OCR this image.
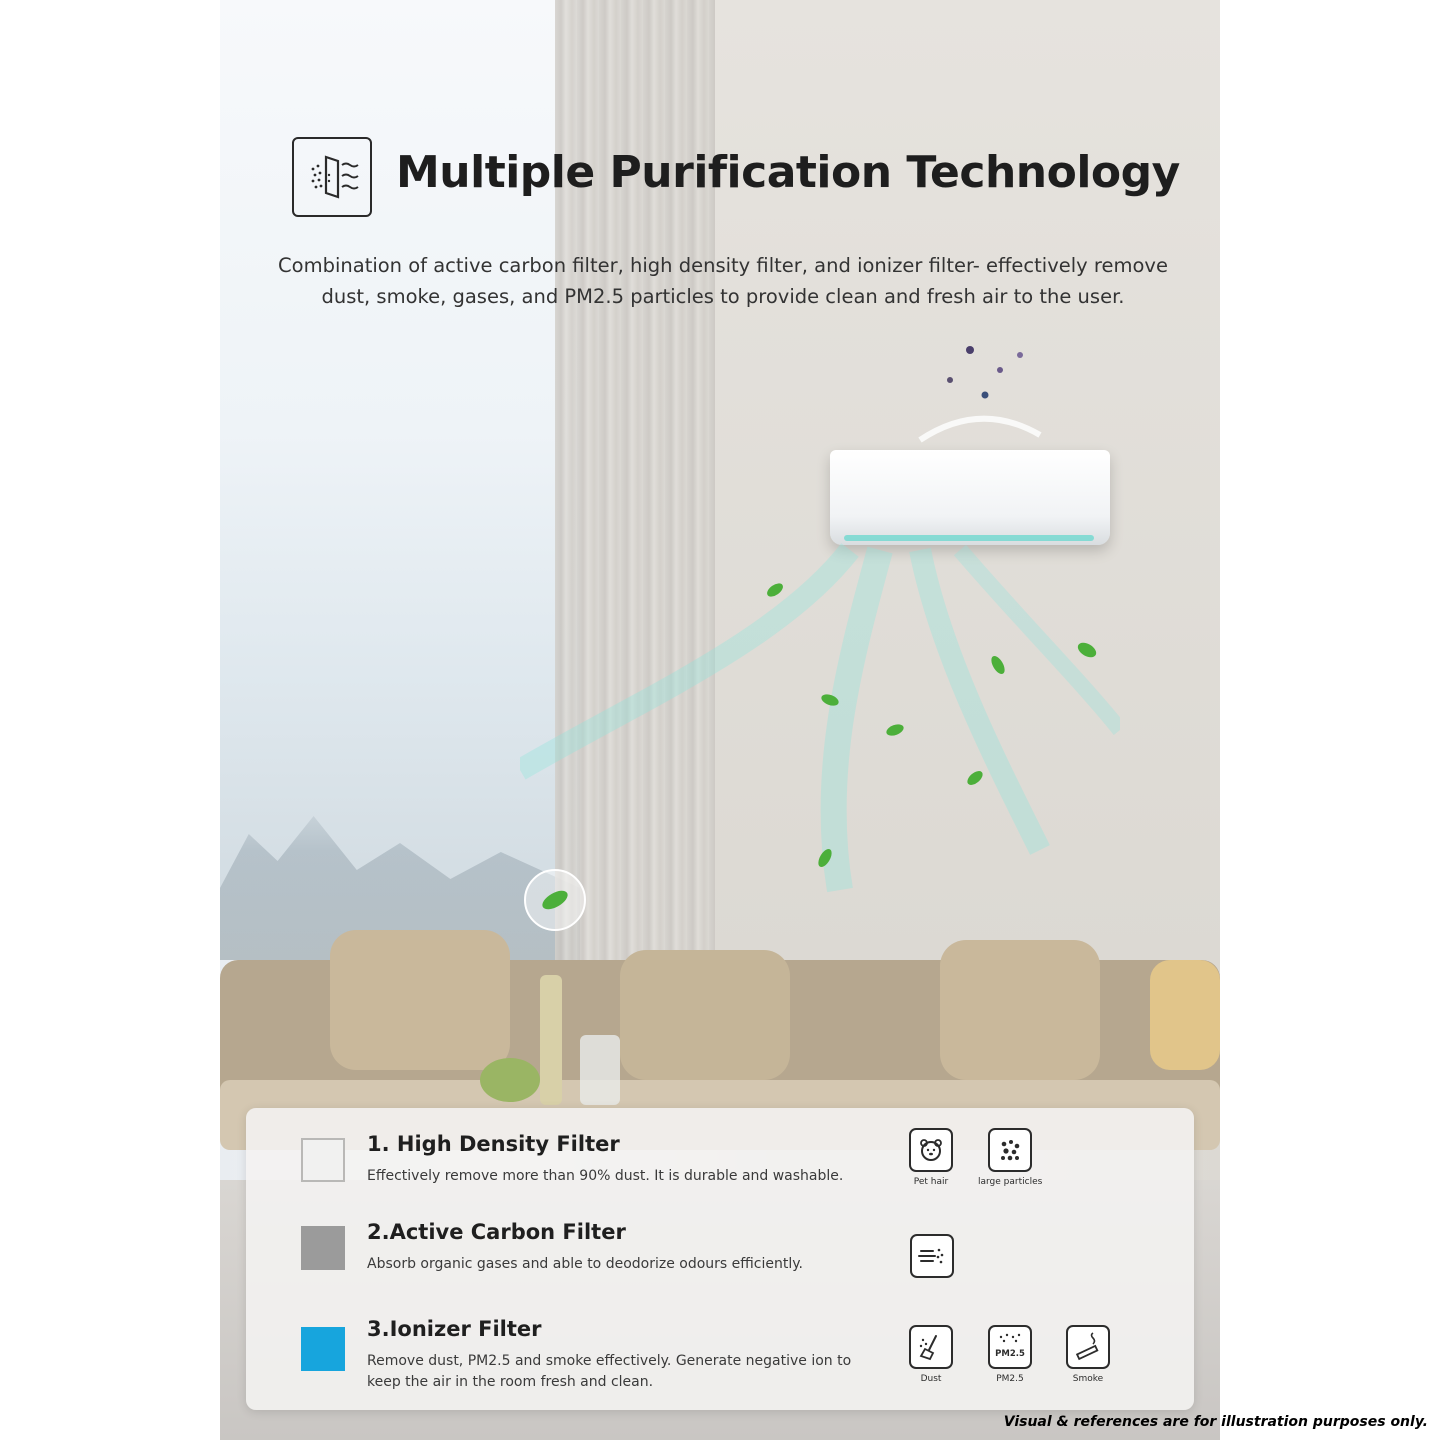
Multiple Purification Technology

Combination of active carbon filter, high density filter, and ionizer filter- effectively remove dust, smoke, gases, and PM2.5 particles to provide clean and fresh air to the user.

1. High Density Filter

Effectively remove more than 90% dust. It is durable and washable.	Pet hair	large particles
2.Active Carbon Filter

Absorb organic gases and able to deodorize odours efficiently.

3.Ionizer Filter

Remove dust, PM2.5 and smoke effectively. Generate negative ion to keep the air in the room fresh and clean.	Dust
PM2.5
PM2.5	Smoke

Visual & references are for illustration purposes only.
